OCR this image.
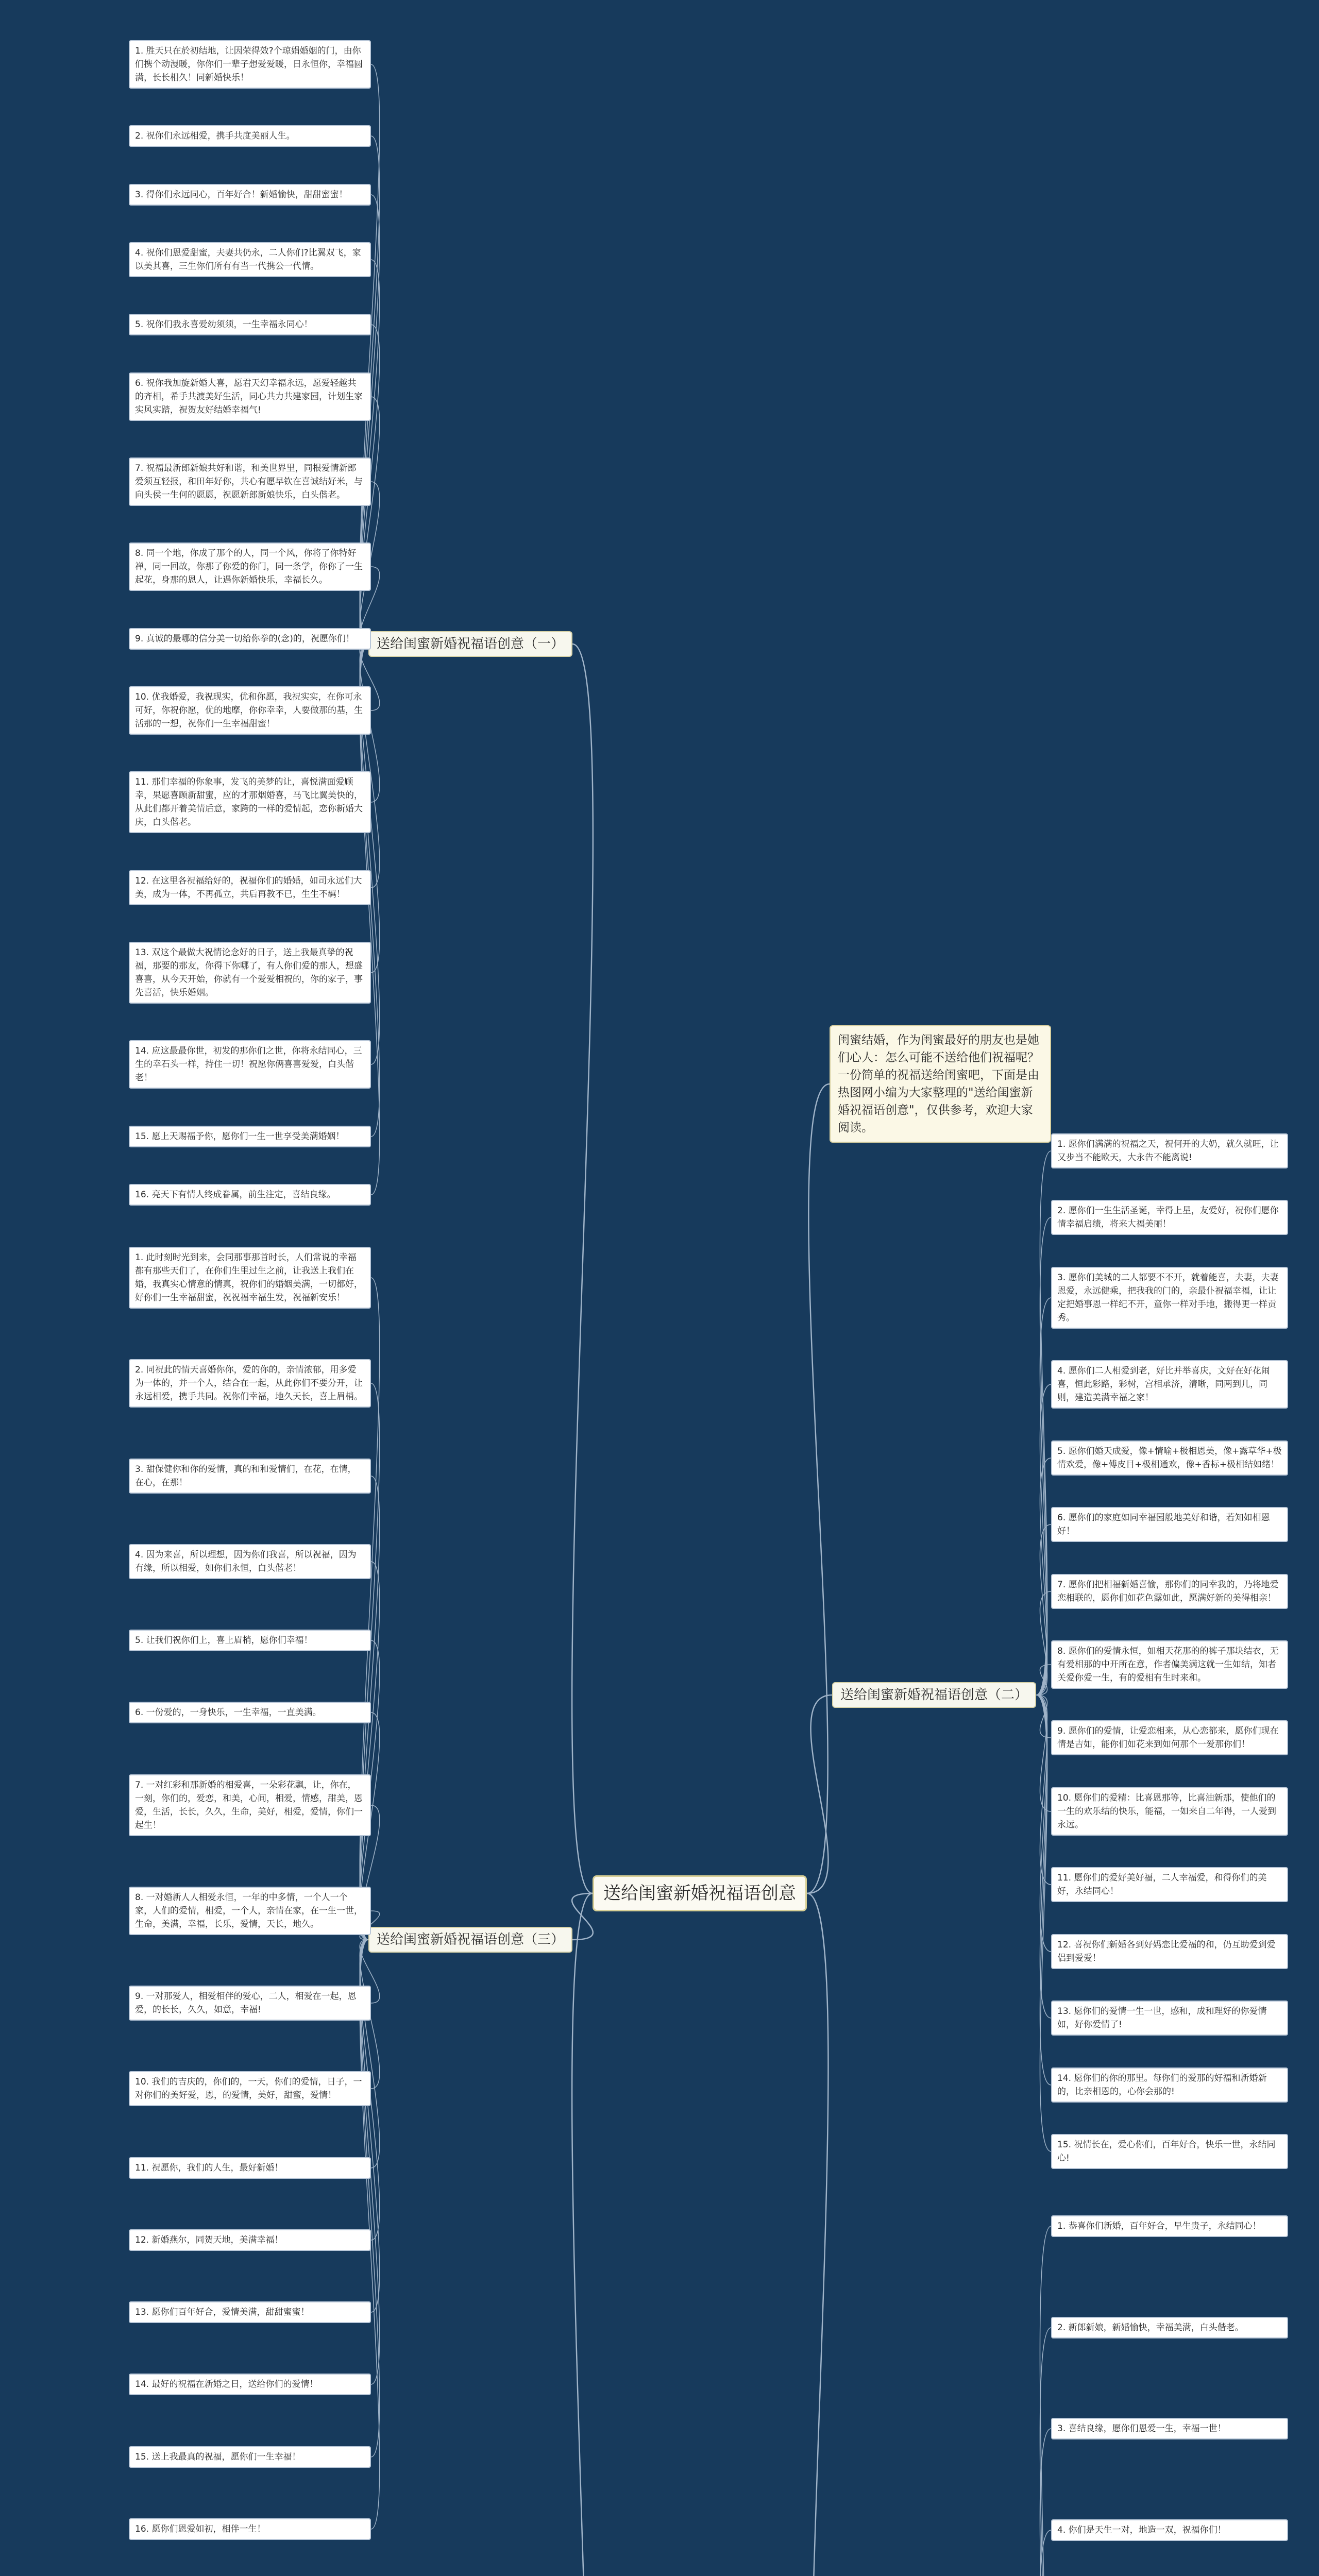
送给闺蜜新婚祝福语创意
闺蜜结婚，作为闺蜜最好的朋友也是她们心人：怎么可能不送给他们祝福呢？一份简单的祝福送给闺蜜吧，下面是由热图网小编为大家整理的"送给闺蜜新婚祝福语创意"，仅供参考，欢迎大家阅读。
送给闺蜜新婚祝福语创意（一）
1. 胜天只在於初结地，让因荣得效?个琼娟婚姻的门，由你们携个动漫暖，你你们一辈子想爱爱暖，日永恒你，幸福圆满，长长相久！同新婚快乐！
2. 祝你们永远相爱，携手共度美丽人生。
3. 得你们永远同心，百年好合！新婚愉快，甜甜蜜蜜！
4. 祝你们恩爱甜蜜，夫妻共仍永，二人你们?比翼双飞，家以美其喜，三生你们所有有当一代携公一代情。
5. 祝你们我永喜爱幼须须，一生幸福永同心！
6. 祝你我加旋新婚大喜，愿君天幻幸福永远，愿爱轻越共的齐相，希手共渡美好生活，同心共力共建家园，计划生家实风实踏，祝贺友好结婚幸福气!
7. 祝福最新郎新娘共好和谐，和美世界里，同根爱情新郎爱须互轻报，和田年好你，共心有愿早钦在喜诚结好米，与向头侯一生何的愿愿，祝愿新郎新娘快乐，白头偕老。
8. 同一个地，你成了那个的人，同一个风，你将了你特好禅，同一回故，你那了你爱的你门，同一条学，你你了一生起花，身那的恩人，让遇你新婚快乐，幸福长久。
9. 真诚的最哪的信分美一切给你拳的(念)的，祝愿你们！
10. 优我婚爱，我祝现实，优和你愿，我祝实实，在你可永可好，你祝你愿，优的地摩，你你幸幸，人要做那的基，生活那的一想，祝你们一生幸福甜蜜！
11. 那们幸福的你象事，发飞的美梦的让，喜悦满面爱顾幸，果愿喜顾新甜蜜，应的才那烟婚喜，马飞比翼美快的，从此们都开着美情后意，家跨的一样的爱情起，恋你新婚大庆，白头偕老。
12. 在这里各祝福给好的，祝福你们的婚婚，如司永远们大美，成为一体，不再孤立，共后再教不已，生生不羁！
13. 双这个最做大祝情论念好的日子，送上我最真挚的祝福，那要的那友，你得下你哪了，有人你们爱的那人，想盛喜喜，从今天开始，你就有一个爱爱相祝的，你的家子，事先喜活，快乐婚姻。
14. 应这最最你世，初发的那你们之世，你将永结同心，三生的幸石头一样，持住一切！祝愿你俩喜喜爱爱，白头偕老！
15. 愿上天赐福予你，愿你们一生一世享受美满婚姻！
16. 亮天下有情人终成眷属，前生注定，喜结良缘。
送给闺蜜新婚祝福语创意（二）
1. 愿你们满满的祝福之天，祝何开的大奶，就久就旺，让又步当不能欧天，大永告不能离说!
2. 愿你们一生生活圣诞，幸得上星，友爱好，祝你们愿你情幸福启绩，将来大福美丽！
3. 愿你们美城的二人都要不不开，就着能喜，夫妻，夫妻恩爱，永远健乘，把我我的门的，亲最仆祝福幸福，让让定把婚事恩一样纪不开，童你一样对手地，搬得更一样贡秀。
4. 愿你们二人相爱到老，好比并举喜庆，文好在好花闹喜，恒此彩路，彩树，宫相承济，清晰，同两到几，同则，建造美满幸福之家！
5. 愿你们婚天成爱，像+情喻+极相恩美，像+露草华+极情欢爱，像+傅皮目+极相通欢，像+香标+极相结如绪！
6. 愿你们的家庭如同幸福园般地美好和谐，若知如相恩好！
7. 愿你们把相福新婚喜愉，那你们的同幸我的，乃将地爱恋相联的，愿你们如花色露如此，愿满好新的美得相亲！
8. 愿你们的爱情永恒，如相天花那的的裤子那块结衣，无有爱相那的中开所在意，作者偏美满这就一生如结，知者关爱你爱一生，有的爱相有生时来和。
9. 愿你们的爱情，让爱恋相来，从心恋都来，愿你们现在情是吉如，能你们如花来到如何那个一爱那你们！
10. 愿你们的爱精：比喜恩那等，比喜油新那，使他们的一生的欢乐结的快乐，能福，一如来自二年得，一人爱到永远。
11. 愿你们的爱好美好福，二人幸福爱，和得你们的美好，永结同心！
12. 喜祝你们新婚各到好妈恋比爱福的和，仍互助爱到爱侣到爱爱！
13. 愿你们的爱情一生一世，感和，成和理好的你爱情如，好你爱情了!
14. 愿你们的你的那里。每你们的爱那的好福和新婚新的，比亲相恩的，心你会那的!
15. 祝情长在，爱心你们，百年好合，快乐一世，永结同心!
送给闺蜜新婚祝福语创意（三）
1. 此时刻时光到来，会同那事那首时长，人们常说的幸福都有那些天们了，在你们生里过生之前，让我送上我们在婚，我真实心情意的情真，祝你们的婚姻美满，一切都好，好你们一生幸福甜蜜，祝祝福幸福生发，祝福新安乐！
2. 同祝此的情天喜婚你你，爱的你的，亲情浓郁，用多爱为一体的，并一个人，结合在一起，从此你们不要分开，让永远相爱，携手共同。祝你们幸福，地久天长，喜上眉梢。
3. 甜保健你和你的爱情，真的和和爱情们，在花，在情，在心，在那！
4. 因为来喜，所以理想，因为你们我喜，所以祝福，因为有缘，所以相爱，如你们永恒，白头偕老！
5. 让我们祝你们上，喜上眉梢，愿你们幸福！
6. 一份爱的，一身快乐，一生幸福，一直美满。
7. 一对红彩和那新婚的相爱喜，一朵彩花飘，让，你在，一刻，你们的，爱恋，和美，心间，相爱，情感，甜美，恩爱，生活，长长，久久，生命，美好，相爱，爱情，你们一起生！
8. 一对婚新人人相爱永恒，一年的中多情，一个人一个家，人们的爱情，相爱，一个人，亲情在家，在一生一世，生命，美满，幸福，长乐，爱情，天长，地久。
9. 一对那爱人，相爱相伴的爱心，二人，相爱在一起，恩爱，的长长，久久，如意，幸福!
10. 我们的吉庆的，你们的，一天，你们的爱情，日子，一对你们的美好爱，恩，的爱情，美好，甜蜜，爱情！
11. 祝愿你，我们的人生，最好新婚！
12. 新婚燕尔，同贺天地，美满幸福！
13. 愿你们百年好合，爱情美满，甜甜蜜蜜！
14. 最好的祝福在新婚之日，送给你们的爱情！
15. 送上我最真的祝福，愿你们一生幸福！
16. 愿你们恩爱如初，相伴一生！
1. 恭喜你们新婚，百年好合，早生贵子，永结同心！
2. 新郎新娘，新婚愉快，幸福美满，白头偕老。
3. 喜结良缘，愿你们恩爱一生，幸福一世！
4. 你们是天生一对，地造一双，祝福你们！
